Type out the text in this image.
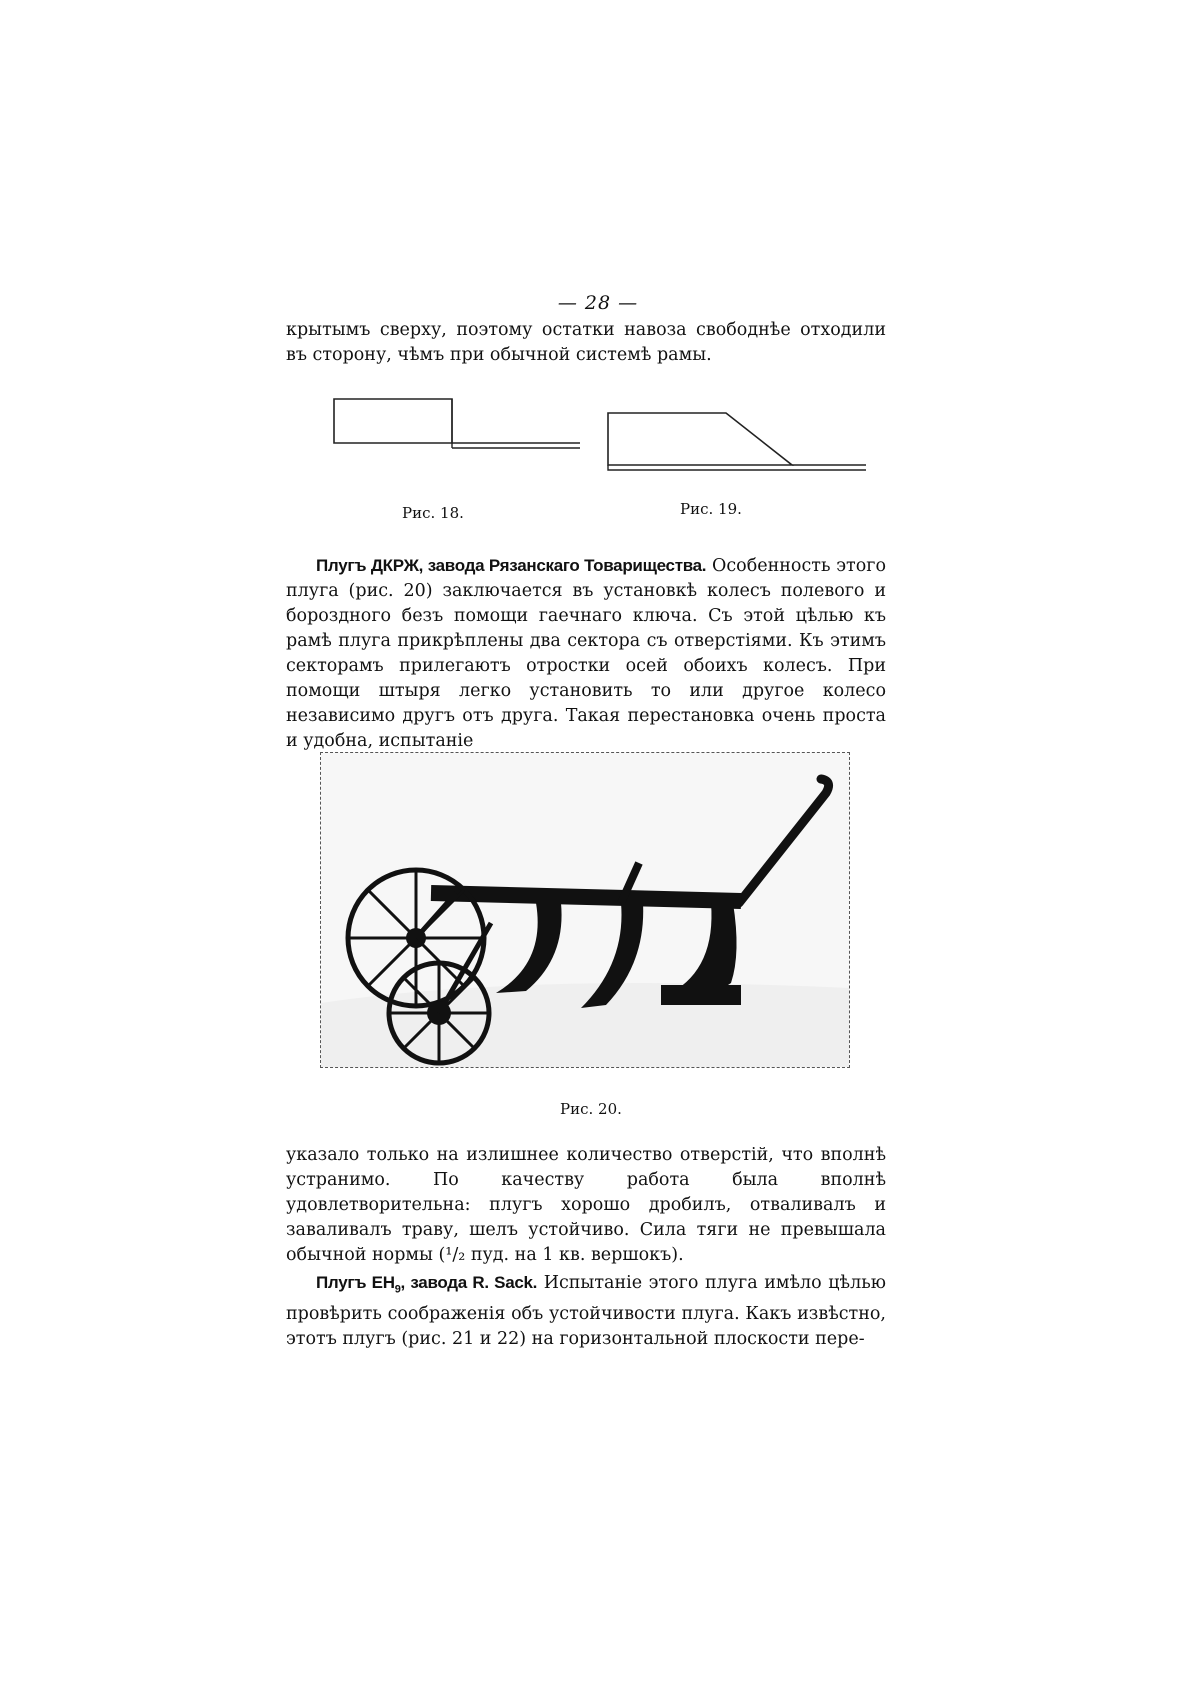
— 28 —

крытымъ сверху, поэтому остатки навоза свободнѣе отходили въ сторону, чѣмъ при обычной системѣ рамы.

Рис. 18.	Рис. 19.

Плугъ ДКРЖ, завода Рязанскаго Товарищества. Особенность этого плуга (рис. 20) заключается въ установкѣ колесъ полевого и бороздного безъ помощи гаечнаго ключа. Съ этой цѣлью къ рамѣ плуга прикрѣплены два сектора съ отверстіями. Къ этимъ секторамъ прилегаютъ отростки осей обоихъ колесъ. При помощи штыря легко установить то или другое колесо независимо другъ отъ друга. Такая перестановка очень проста и удобна, испытаніе

Рис. 20.

указало только на излишнее количество отверстій, что вполнѣ устранимо. По качеству работа была вполнѣ удовлетворительна: плугъ хорошо дробилъ, отваливалъ и заваливалъ траву, шелъ устойчиво. Сила тяги не превышала обычной нормы (¹/₂ пуд. на 1 кв. вершокъ).

Плугъ $EH_9$, завода R. Sack. Испытаніе этого плуга имѣло цѣлью провѣрить соображенія объ устойчивости плуга. Какъ извѣстно, этотъ плугъ (рис. 21 и 22) на горизонтальной плоскости пере-
